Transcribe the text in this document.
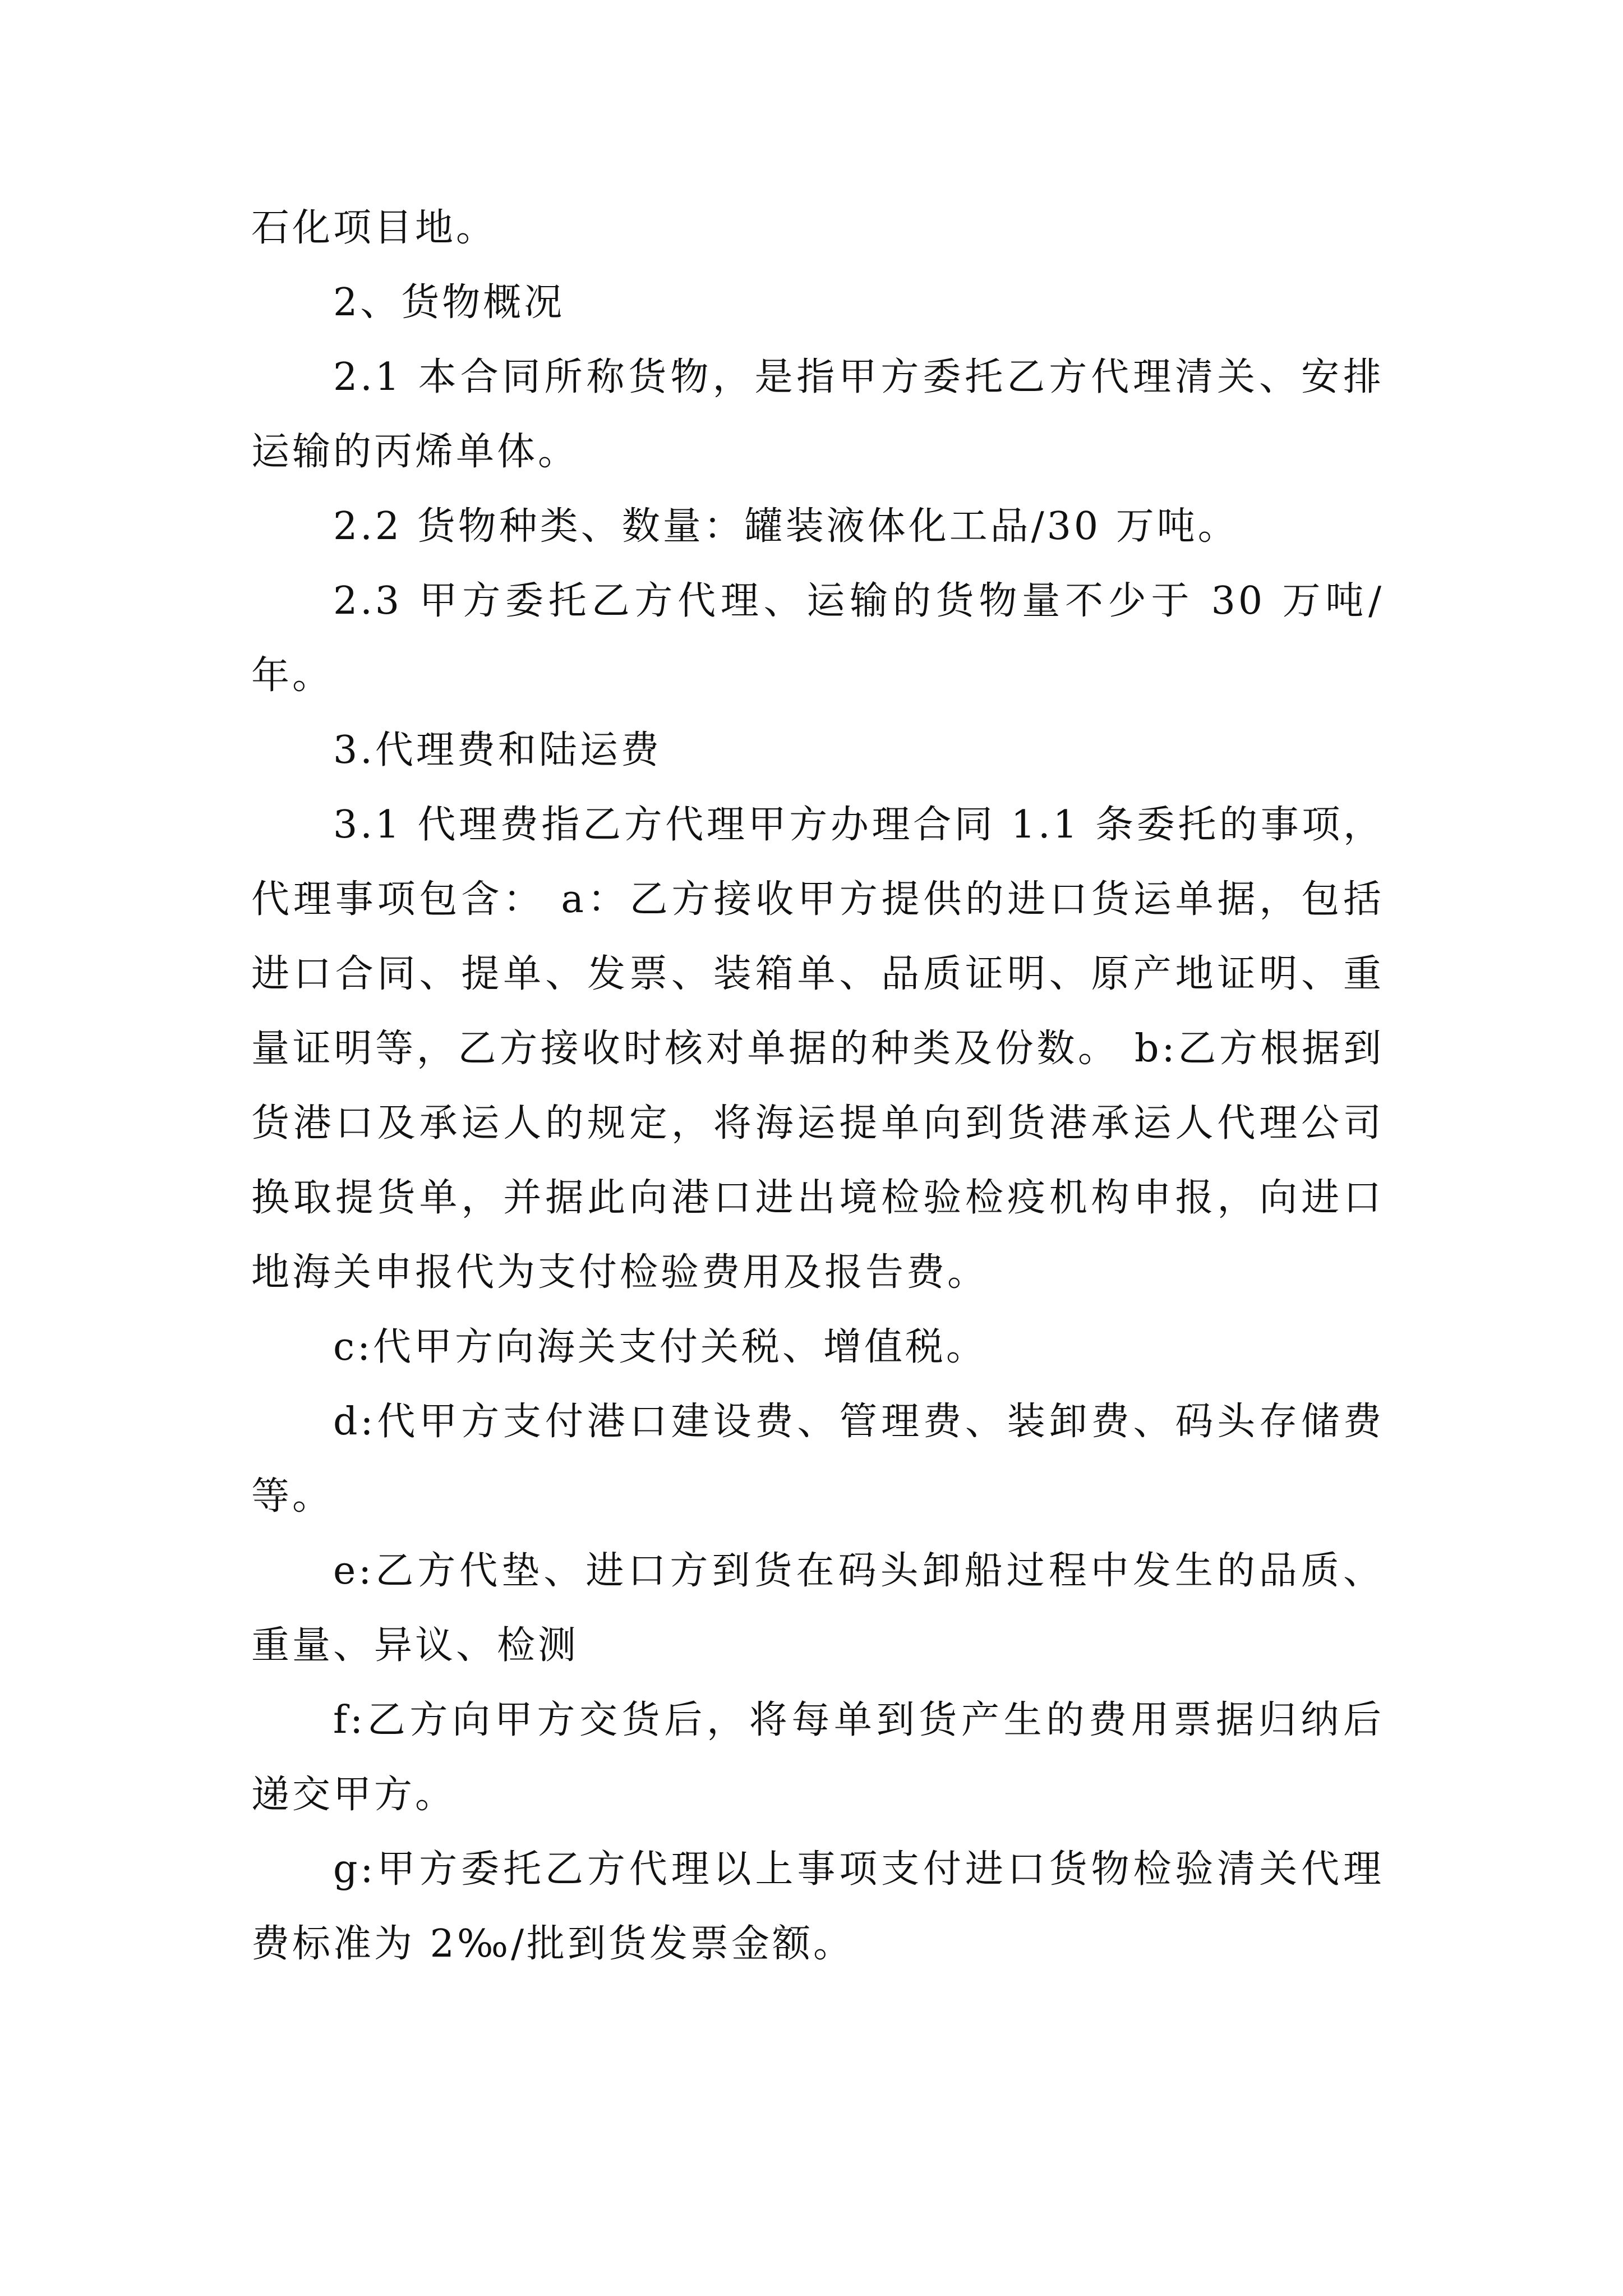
石化项目地。

2、货物概况

2.1 本合同所称货物，是指甲方委托乙方代理清关、安排运输的丙烯单体。

2.2 货物种类、数量：罐装液体化工品/30 万吨。

2.3 甲方委托乙方代理、运输的货物量不少于 30 万吨/年。

3.代理费和陆运费

3.1 代理费指乙方代理甲方办理合同 1.1 条委托的事项，代理事项包含： a：乙方接收甲方提供的进口货运单据，包括进口合同、提单、发票、装箱单、品质证明、原产地证明、重量证明等，乙方接收时核对单据的种类及份数。 b:乙方根据到货港口及承运人的规定，将海运提单向到货港承运人代理公司换取提货单，并据此向港口进出境检验检疫机构申报，向进口地海关申报代为支付检验费用及报告费。

c:代甲方向海关支付关税、增值税。

d:代甲方支付港口建设费、管理费、装卸费、码头存储费等。

e:乙方代垫、进口方到货在码头卸船过程中发生的品质、重量、异议、检测

f:乙方向甲方交货后，将每单到货产生的费用票据归纳后递交甲方。

g:甲方委托乙方代理以上事项支付进口货物检验清关代理费标准为 2‰/批到货发票金额。
